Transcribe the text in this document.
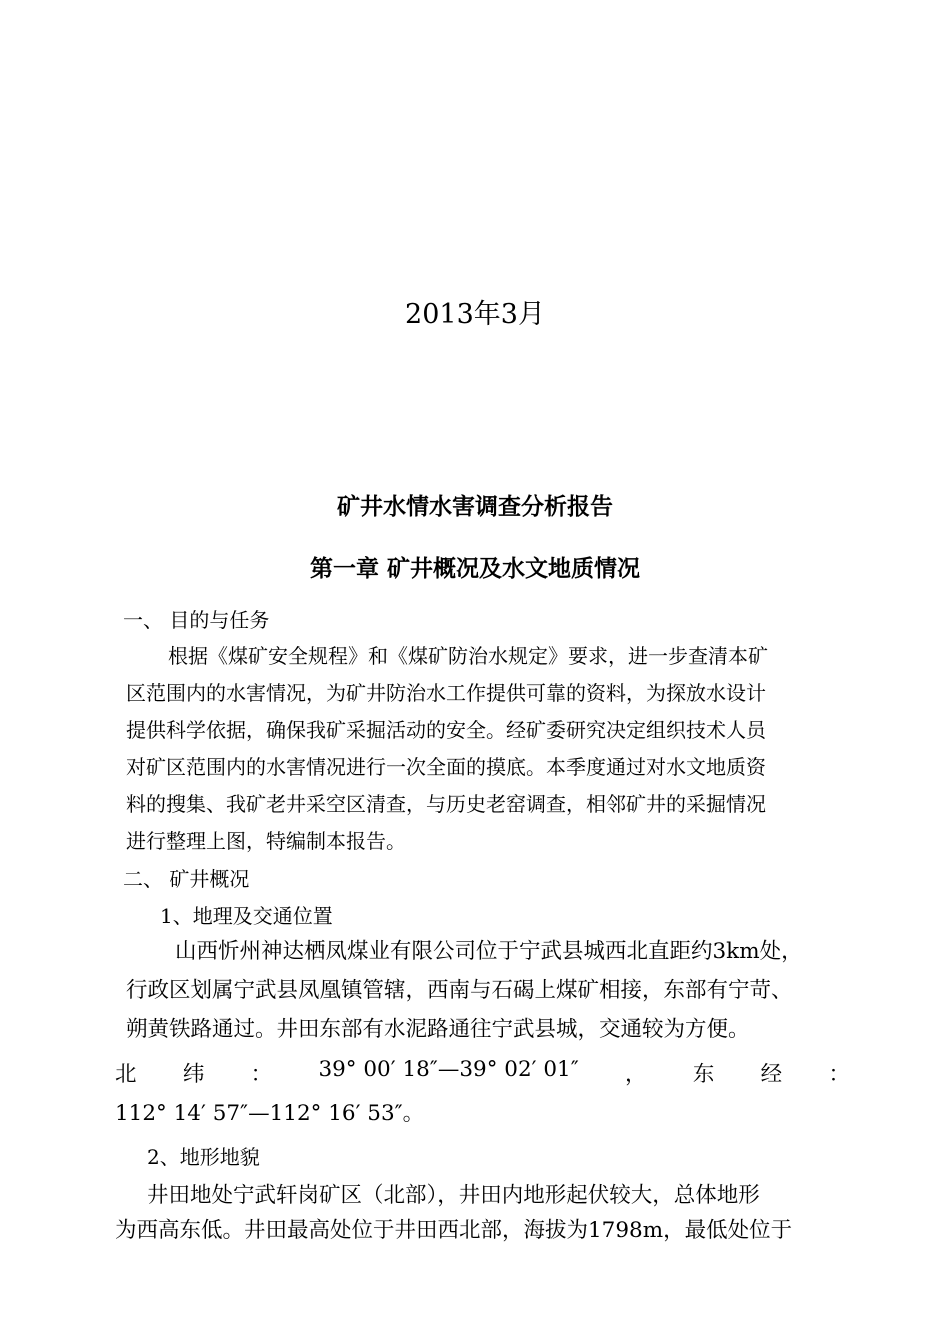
2013年3月
矿井水情水害调查分析报告
第一章 矿井概况及水文地质情况
一、 目的与任务
根据《煤矿安全规程》和《煤矿防治水规定》要求，进一步查清本矿
区范围内的水害情况，为矿井防治水工作提供可靠的资料，为探放水设计
提供科学依据，确保我矿采掘活动的安全。经矿委研究决定组织技术人员
对矿区范围内的水害情况进行一次全面的摸底。本季度通过对水文地质资
料的搜集、我矿老井采空区清查，与历史老窑调查，相邻矿井的采掘情况
进行整理上图，特编制本报告。
二、 矿井概况
1、地理及交通位置
山西忻州神达栖凤煤业有限公司位于宁武县城西北直距约3km处，
行政区划属宁武县凤凰镇管辖，西南与石碣上煤矿相接，东部有宁苛、
朔黄铁路通过。井田东部有水泥路通往宁武县城，交通较为方便。
北 纬 ： 39° 00′ 18″—39° 02′ 01″ ， 东 经 ：
112° 14′ 57″—112° 16′ 53″。
2、地形地貌
井田地处宁武轩岗矿区（北部），井田内地形起伏较大，总体地形
为西高东低。井田最高处位于井田西北部，海拔为1798m，最低处位于
